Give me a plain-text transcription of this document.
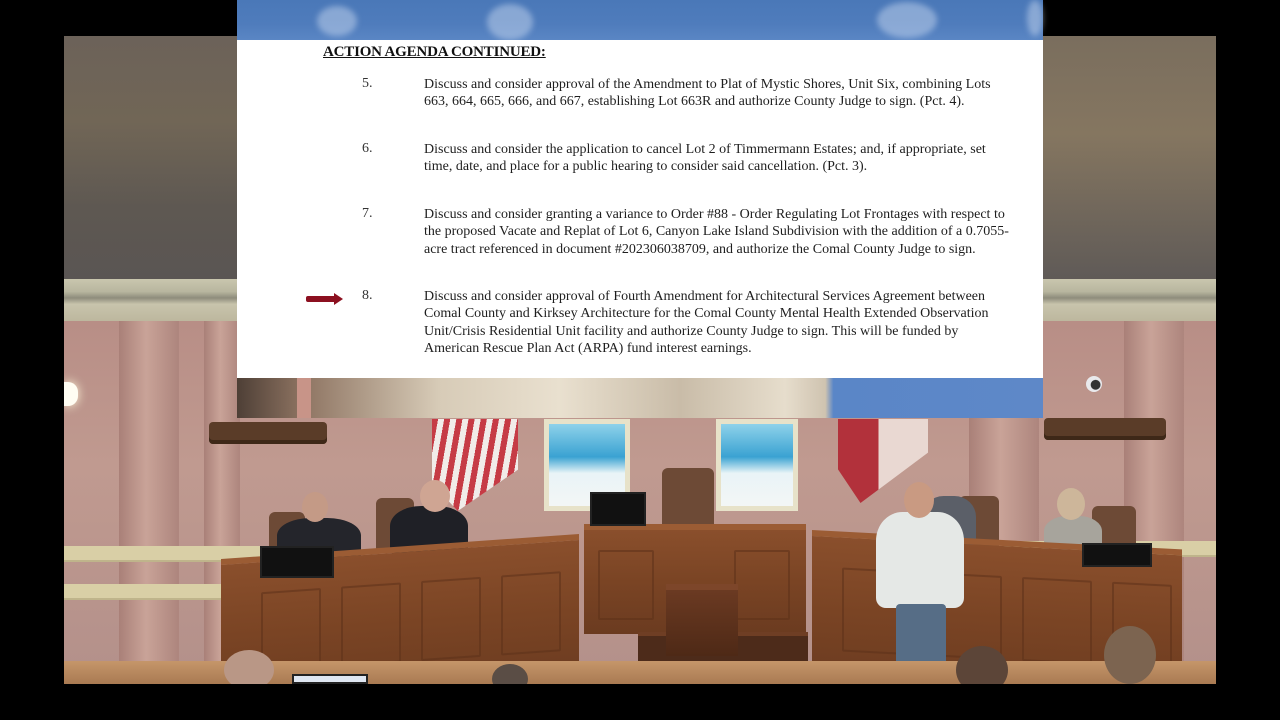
ACTION AGENDA CONTINUED:
5.	Discuss and consider approval of the Amendment to Plat of Mystic Shores, Unit Six, combining Lots 663, 664, 665, 666, and 667, establishing Lot 663R and authorize County Judge to sign. (Pct. 4).
6.	Discuss and consider the application to cancel Lot 2 of Timmermann Estates; and, if appropriate, set time, date, and place for a public hearing to consider said cancellation. (Pct. 3).
7.	Discuss and consider granting a variance to Order #88 - Order Regulating Lot Frontages with respect to the proposed Vacate and Replat of Lot 6, Canyon Lake Island Subdivision with the addition of a 0.7055-acre tract referenced in document #202306038709, and authorize the Comal County Judge to sign.
8.	Discuss and consider approval of Fourth Amendment for Architectural Services Agreement between Comal County and Kirksey Architecture for the Comal County Mental Health Extended Observation Unit/Crisis Residential Unit facility and authorize County Judge to sign. This will be funded by American Rescue Plan Act (ARPA) fund interest earnings.
